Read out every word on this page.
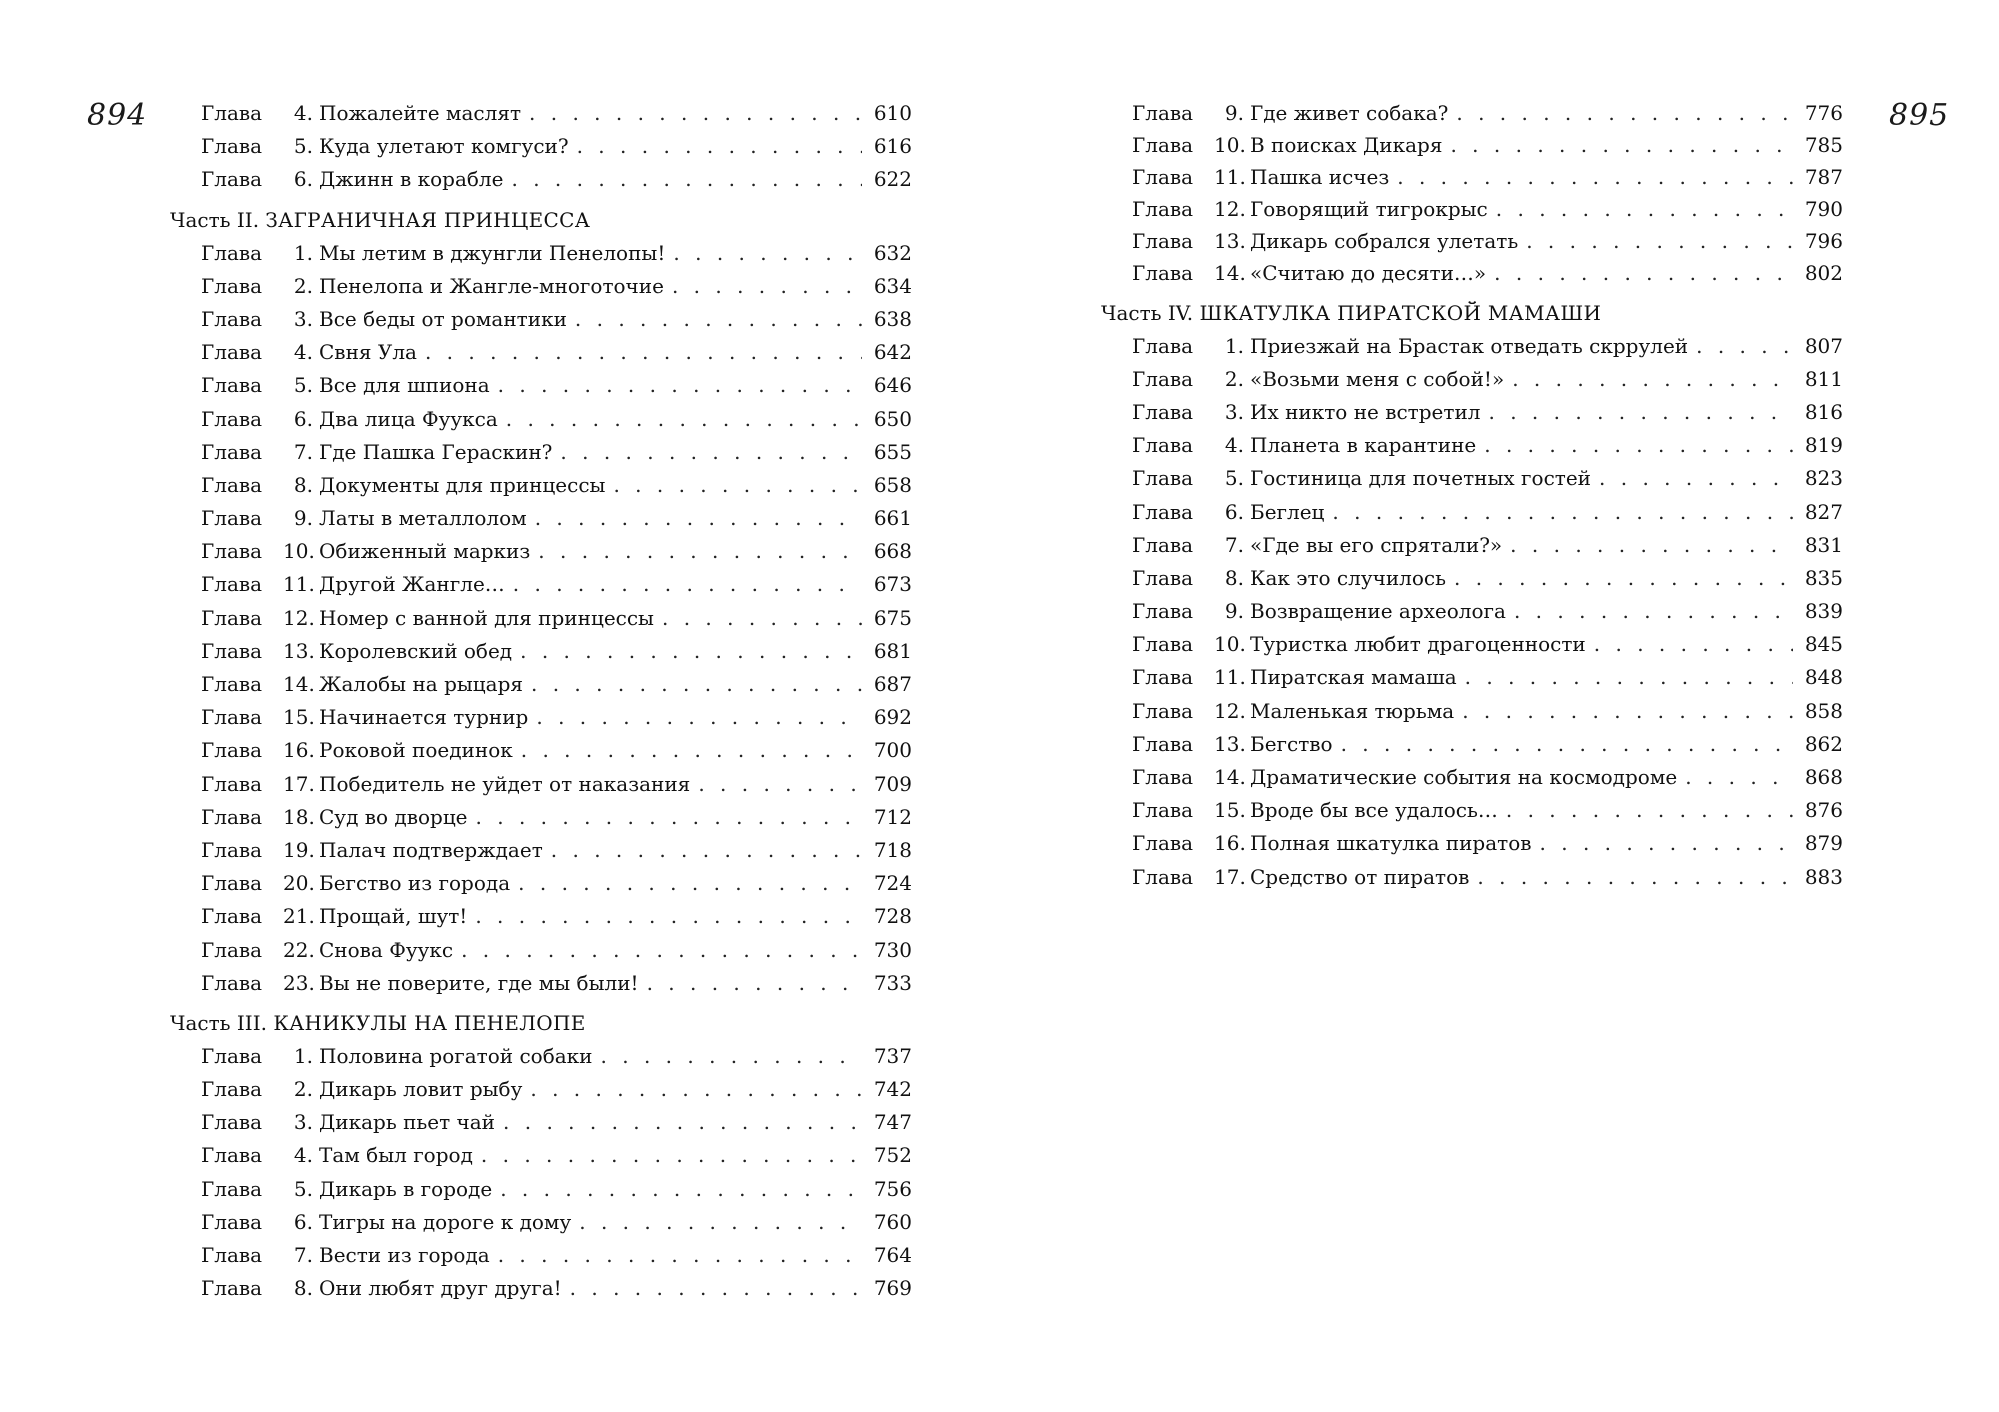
894	895
Глава	4. Пожалейте маслят . . .	610
Глава	5. Куда улетают комгуси? . . .	616
Глава	6. Джинн в корабле . . .	622
Часть II. ЗАГРАНИЧНАЯ ПРИНЦЕССА
Глава	1. Мы летим в джунгли Пенелопы! . . .	632
Глава	2. Пенелопа и Жангле-многоточие . . .	634
Глава	3. Все беды от романтики . . .	638
Глава	4. Свня Ула . . .	642
Глава	5. Все для шпиона . . .	646
Глава	6. Два лица Фуукса . . .	650
Глава	7. Где Пашка Гераскин? . . .	655
Глава	8. Документы для принцессы . . .	658
Глава	9. Латы в металлолом . . .	661
Глава	10. Обиженный маркиз . . .	668
Глава	11. Другой Жангле… . . .	673
Глава	12. Номер с ванной для принцессы . . .	675
Глава	13. Королевский обед . . .	681
Глава	14. Жалобы на рыцаря . . .	687
Глава	15. Начинается турнир . . .	692
Глава	16. Роковой поединок . . .	700
Глава	17. Победитель не уйдет от наказания . . .	709
Глава	18. Суд во дворце . . .	712
Глава	19. Палач подтверждает . . .	718
Глава	20. Бегство из города . . .	724
Глава	21. Прощай, шут! . . .	728
Глава	22. Снова Фуукс . . .	730
Глава	23. Вы не поверите, где мы были! . . .	733
Часть III. КАНИКУЛЫ НА ПЕНЕЛОПЕ
Глава	1. Половина рогатой собаки . . .	737
Глава	2. Дикарь ловит рыбу . . .	742
Глава	3. Дикарь пьет чай . . .	747
Глава	4. Там был город . . .	752
Глава	5. Дикарь в городе . . .	756
Глава	6. Тигры на дороге к дому . . .	760
Глава	7. Вести из города . . .	764
Глава	8. Они любят друг друга! . . .	769
Глава	9. Где живет собака? . . .	776
Глава	10. В поисках Дикаря . . .	785
Глава	11. Пашка исчез . . .	787
Глава	12. Говорящий тигрокрыс . . .	790
Глава	13. Дикарь собрался улетать . . .	796
Глава	14. «Считаю до десяти…» . . .	802
Часть IV. ШКАТУЛКА ПИРАТСКОЙ МАМАШИ
Глава	1. Приезжай на Брастак отведать скррулей . . .	807
Глава	2. «Возьми меня с собой!» . . .	811
Глава	3. Их никто не встретил . . .	816
Глава	4. Планета в карантине . . .	819
Глава	5. Гостиница для почетных гостей . . .	823
Глава	6. Беглец . . .	827
Глава	7. «Где вы его спрятали?» . . .	831
Глава	8. Как это случилось . . .	835
Глава	9. Возвращение археолога . . .	839
Глава	10. Туристка любит драгоценности . . .	845
Глава	11. Пиратская мамаша . . .	848
Глава	12. Маленькая тюрьма . . .	858
Глава	13. Бегство . . .	862
Глава	14. Драматические события на космодроме . . .	868
Глава	15. Вроде бы все удалось… . . .	876
Глава	16. Полная шкатулка пиратов . . .	879
Глава	17. Средство от пиратов . . .	883
